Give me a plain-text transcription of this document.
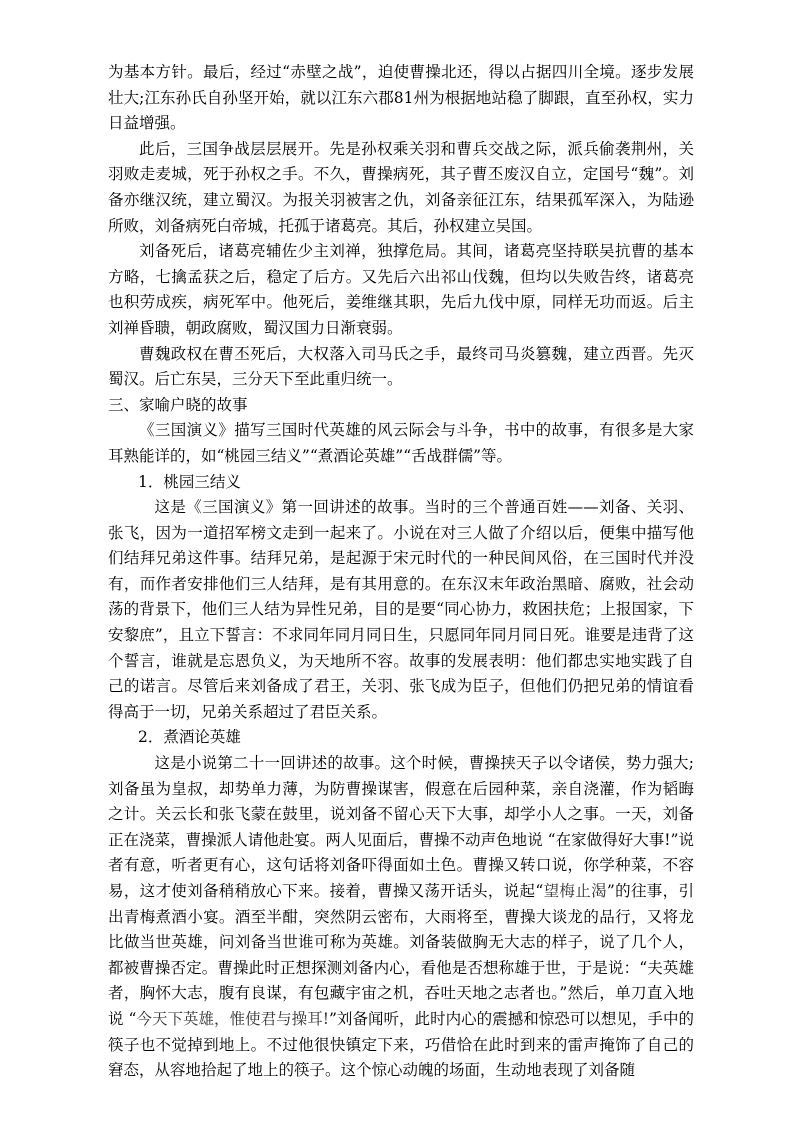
为基本方针。最后，经过“赤壁之战”，迫使曹操北还，得以占据四川全境。逐步发展壮大;江东孙氏自孙坚开始，就以江东六郡81州为根据地站稳了脚跟，直至孙权，实力日益增强。

此后，三国争战层层展开。先是孙权乘关羽和曹兵交战之际，派兵偷袭荆州，关羽败走麦城，死于孙权之手。不久，曹操病死，其子曹丕废汉自立，定国号“魏”。刘备亦继汉统，建立蜀汉。为报关羽被害之仇，刘备亲征江东，结果孤军深入，为陆逊所败，刘备病死白帝城，托孤于诸葛亮。其后，孙权建立吴国。

刘备死后，诸葛亮辅佐少主刘禅，独撑危局。其间，诸葛亮坚持联吴抗曹的基本方略，七擒孟获之后，稳定了后方。又先后六出祁山伐魏，但均以失败告终，诸葛亮也积劳成疾，病死军中。他死后，姜维继其职，先后九伐中原，同样无功而返。后主刘禅昏聩，朝政腐败，蜀汉国力日渐衰弱。

曹魏政权在曹丕死后，大权落入司马氏之手，最终司马炎篡魏，建立西晋。先灭蜀汉。后亡东吴，三分天下至此重归统一。

三、家喻户晓的故事

《三国演义》描写三国时代英雄的风云际会与斗争，书中的故事，有很多是大家耳熟能详的，如“桃园三结义”“煮酒论英雄”“舌战群儒”等。

1．桃园三结义

这是《三国演义》第一回讲述的故事。当时的三个普通百姓——刘备、关羽、张飞，因为一道招军榜文走到一起来了。小说在对三人做了介绍以后，便集中描写他们结拜兄弟这件事。结拜兄弟，是起源于宋元时代的一种民间风俗，在三国时代并没有，而作者安排他们三人结拜，是有其用意的。在东汉末年政治黑暗、腐败，社会动荡的背景下，他们三人结为异性兄弟，目的是要“同心协力，救困扶危；上报国家，下安黎庶”，且立下誓言：不求同年同月同日生，只愿同年同月同日死。谁要是违背了这个誓言，谁就是忘恩负义，为天地所不容。故事的发展表明：他们都忠实地实践了自己的诺言。尽管后来刘备成了君王，关羽、张飞成为臣子，但他们仍把兄弟的情谊看得高于一切，兄弟关系超过了君臣关系。

2．煮酒论英雄

这是小说第二十一回讲述的故事。这个时候，曹操挟天子以令诸侯，势力强大;刘备虽为皇叔，却势单力薄，为防曹操谋害，假意在后园种菜，亲自浇灌，作为韬晦之计。关云长和张飞蒙在鼓里，说刘备不留心天下大事，却学小人之事。一天，刘备正在浇菜，曹操派人请他赴宴。两人见面后，曹操不动声色地说 “在家做得好大事!”说者有意，听者更有心，这句话将刘备吓得面如土色。曹操又转口说，你学种菜，不容易，这才使刘备稍稍放心下来。接着，曹操又荡开话头，说起“望梅止渴”的往事，引出青梅煮酒小宴。酒至半酣，突然阴云密布，大雨将至，曹操大谈龙的品行，又将龙比做当世英雄，问刘备当世谁可称为英雄。刘备装做胸无大志的样子，说了几个人，都被曹操否定。曹操此时正想探测刘备内心，看他是否想称雄于世，于是说：“夫英雄者，胸怀大志，腹有良谋，有包藏宇宙之机，吞吐天地之志者也。”然后，单刀直入地说 “今天下英雄，惟使君与操耳!”刘备闻听，此时内心的震撼和惊恐可以想见，手中的筷子也不觉掉到地上。不过他很快镇定下来，巧借恰在此时到来的雷声掩饰了自己的窘态，从容地拾起了地上的筷子。这个惊心动魄的场面，生动地表现了刘备随
